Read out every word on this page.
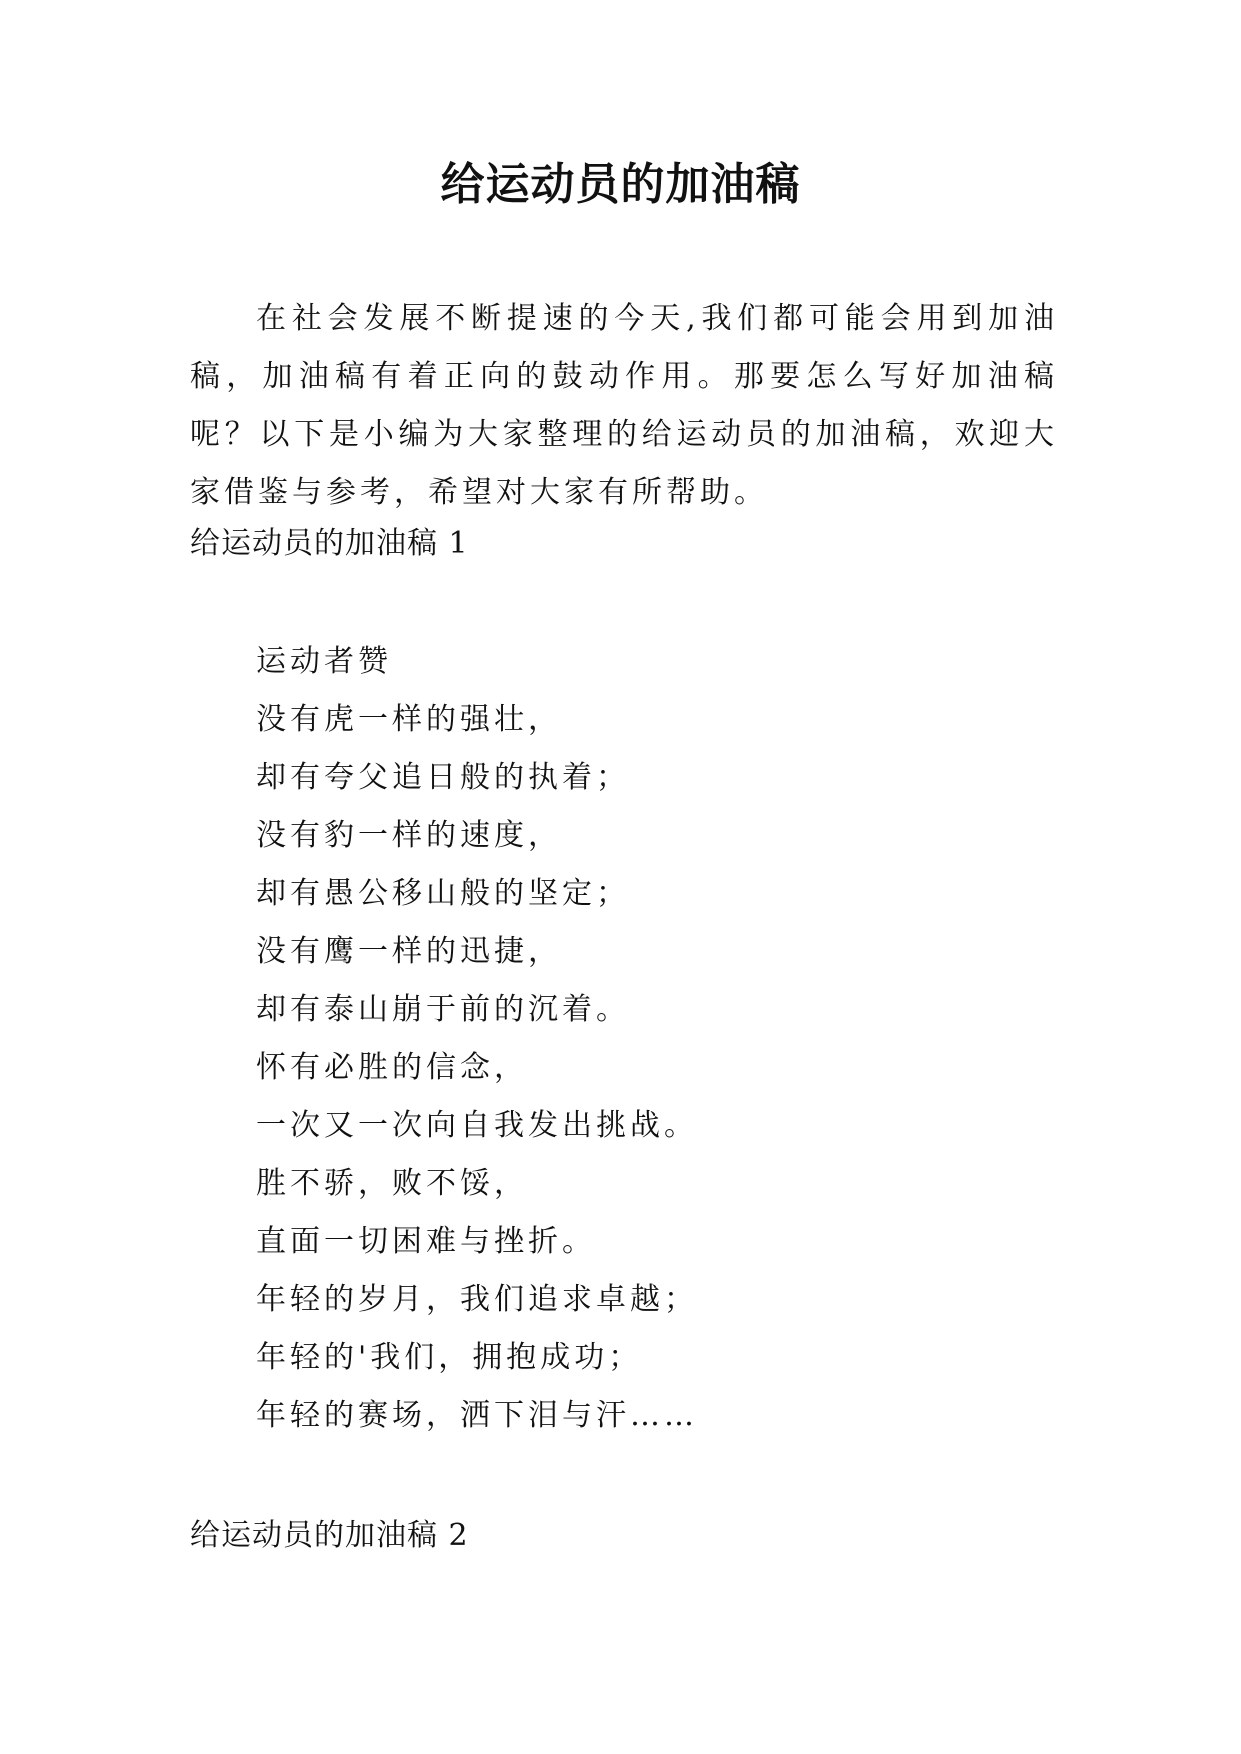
给运动员的加油稿

在社会发展不断提速的今天,我们都可能会用到加油稿，加油稿有着正向的鼓动作用。那要怎么写好加油稿呢？以下是小编为大家整理的给运动员的加油稿，欢迎大家借鉴与参考，希望对大家有所帮助。

给运动员的加油稿 1

运动者赞
没有虎一样的强壮，
却有夸父追日般的执着；
没有豹一样的速度，
却有愚公移山般的坚定；
没有鹰一样的迅捷，
却有泰山崩于前的沉着。
怀有必胜的信念，
一次又一次向自我发出挑战。
胜不骄，败不馁，
直面一切困难与挫折。
年轻的岁月，我们追求卓越；
年轻的'我们，拥抱成功；
年轻的赛场，洒下泪与汗……

给运动员的加油稿 2
